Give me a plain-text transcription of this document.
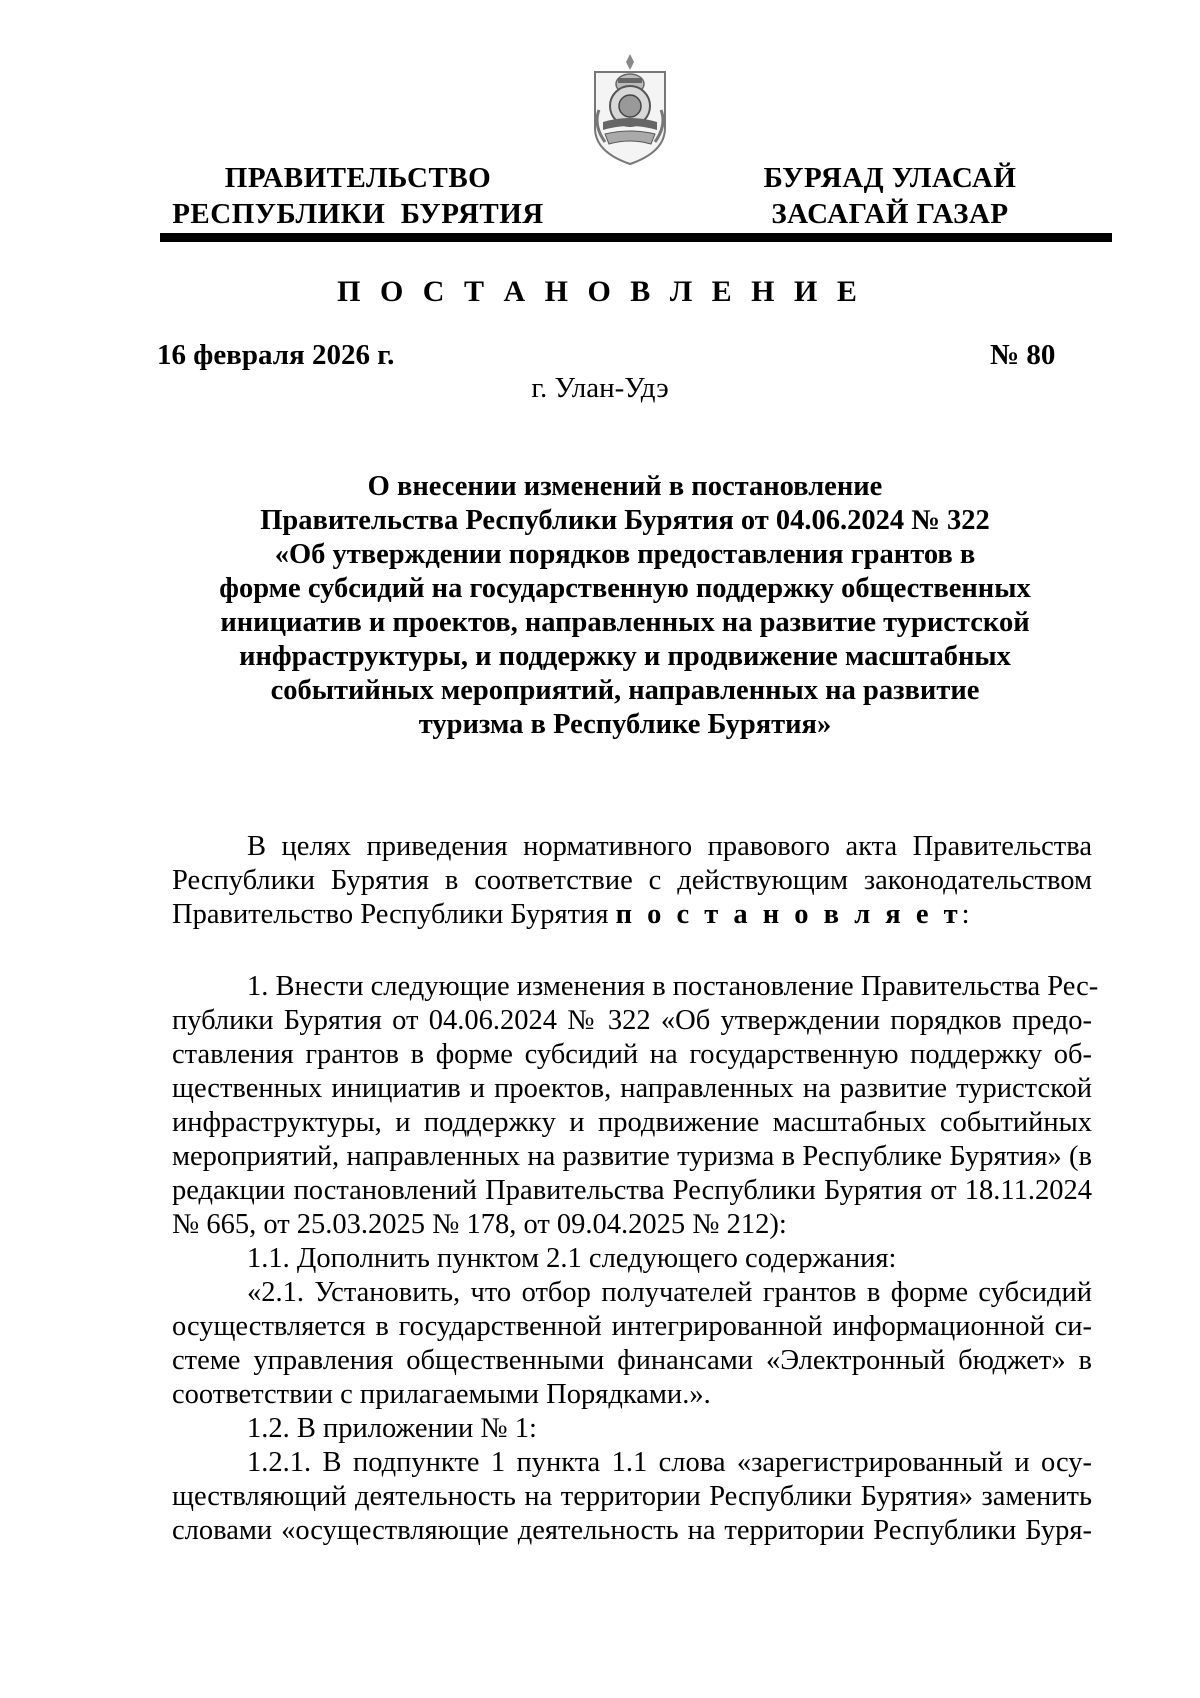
ПРАВИТЕЛЬСТВО
РЕСПУБЛИКИ  БУРЯТИЯ
БУРЯАД УЛАСАЙ
ЗАСАГАЙ ГАЗАР
П О С Т А Н О В Л Е Н И Е
16 февраля 2026 г.	№ 80
г. Улан-Удэ
О внесении изменений в постановление
Правительства Республики Бурятия от 04.06.2024 № 322
«Об утверждении порядков предоставления грантов в
форме субсидий на государственную поддержку общественных
инициатив и проектов, направленных на развитие туристской
инфраструктуры, и поддержку и продвижение масштабных
событийных мероприятий, направленных на развитие
туризма в Республике Бурятия»
В целях приведения нормативного правового акта Правительства
Республики Бурятия в соответствие с действующим законодательством
Правительство Республики Бурятия п о с т а н о в л я е т:
1. Внести следующие изменения в постановление Правительства Рес-
публики Бурятия от 04.06.2024 № 322 «Об утверждении порядков предо-
ставления грантов в форме субсидий на государственную поддержку об-
щественных инициатив и проектов, направленных на развитие туристской
инфраструктуры, и поддержку и продвижение масштабных событийных
мероприятий, направленных на развитие туризма в Республике Бурятия» (в
редакции постановлений Правительства Республики Бурятия от 18.11.2024
№ 665, от 25.03.2025 № 178, от 09.04.2025 № 212):
1.1. Дополнить пунктом 2.1 следующего содержания:
«2.1. Установить, что отбор получателей грантов в форме субсидий
осуществляется в государственной интегрированной информационной си-
стеме управления общественными финансами «Электронный бюджет» в
соответствии с прилагаемыми Порядками.».
1.2. В приложении № 1:
1.2.1. В подпункте 1 пункта 1.1 слова «зарегистрированный и осу-
ществляющий деятельность на территории Республики Бурятия» заменить
словами «осуществляющие деятельность на территории Республики Буря-
